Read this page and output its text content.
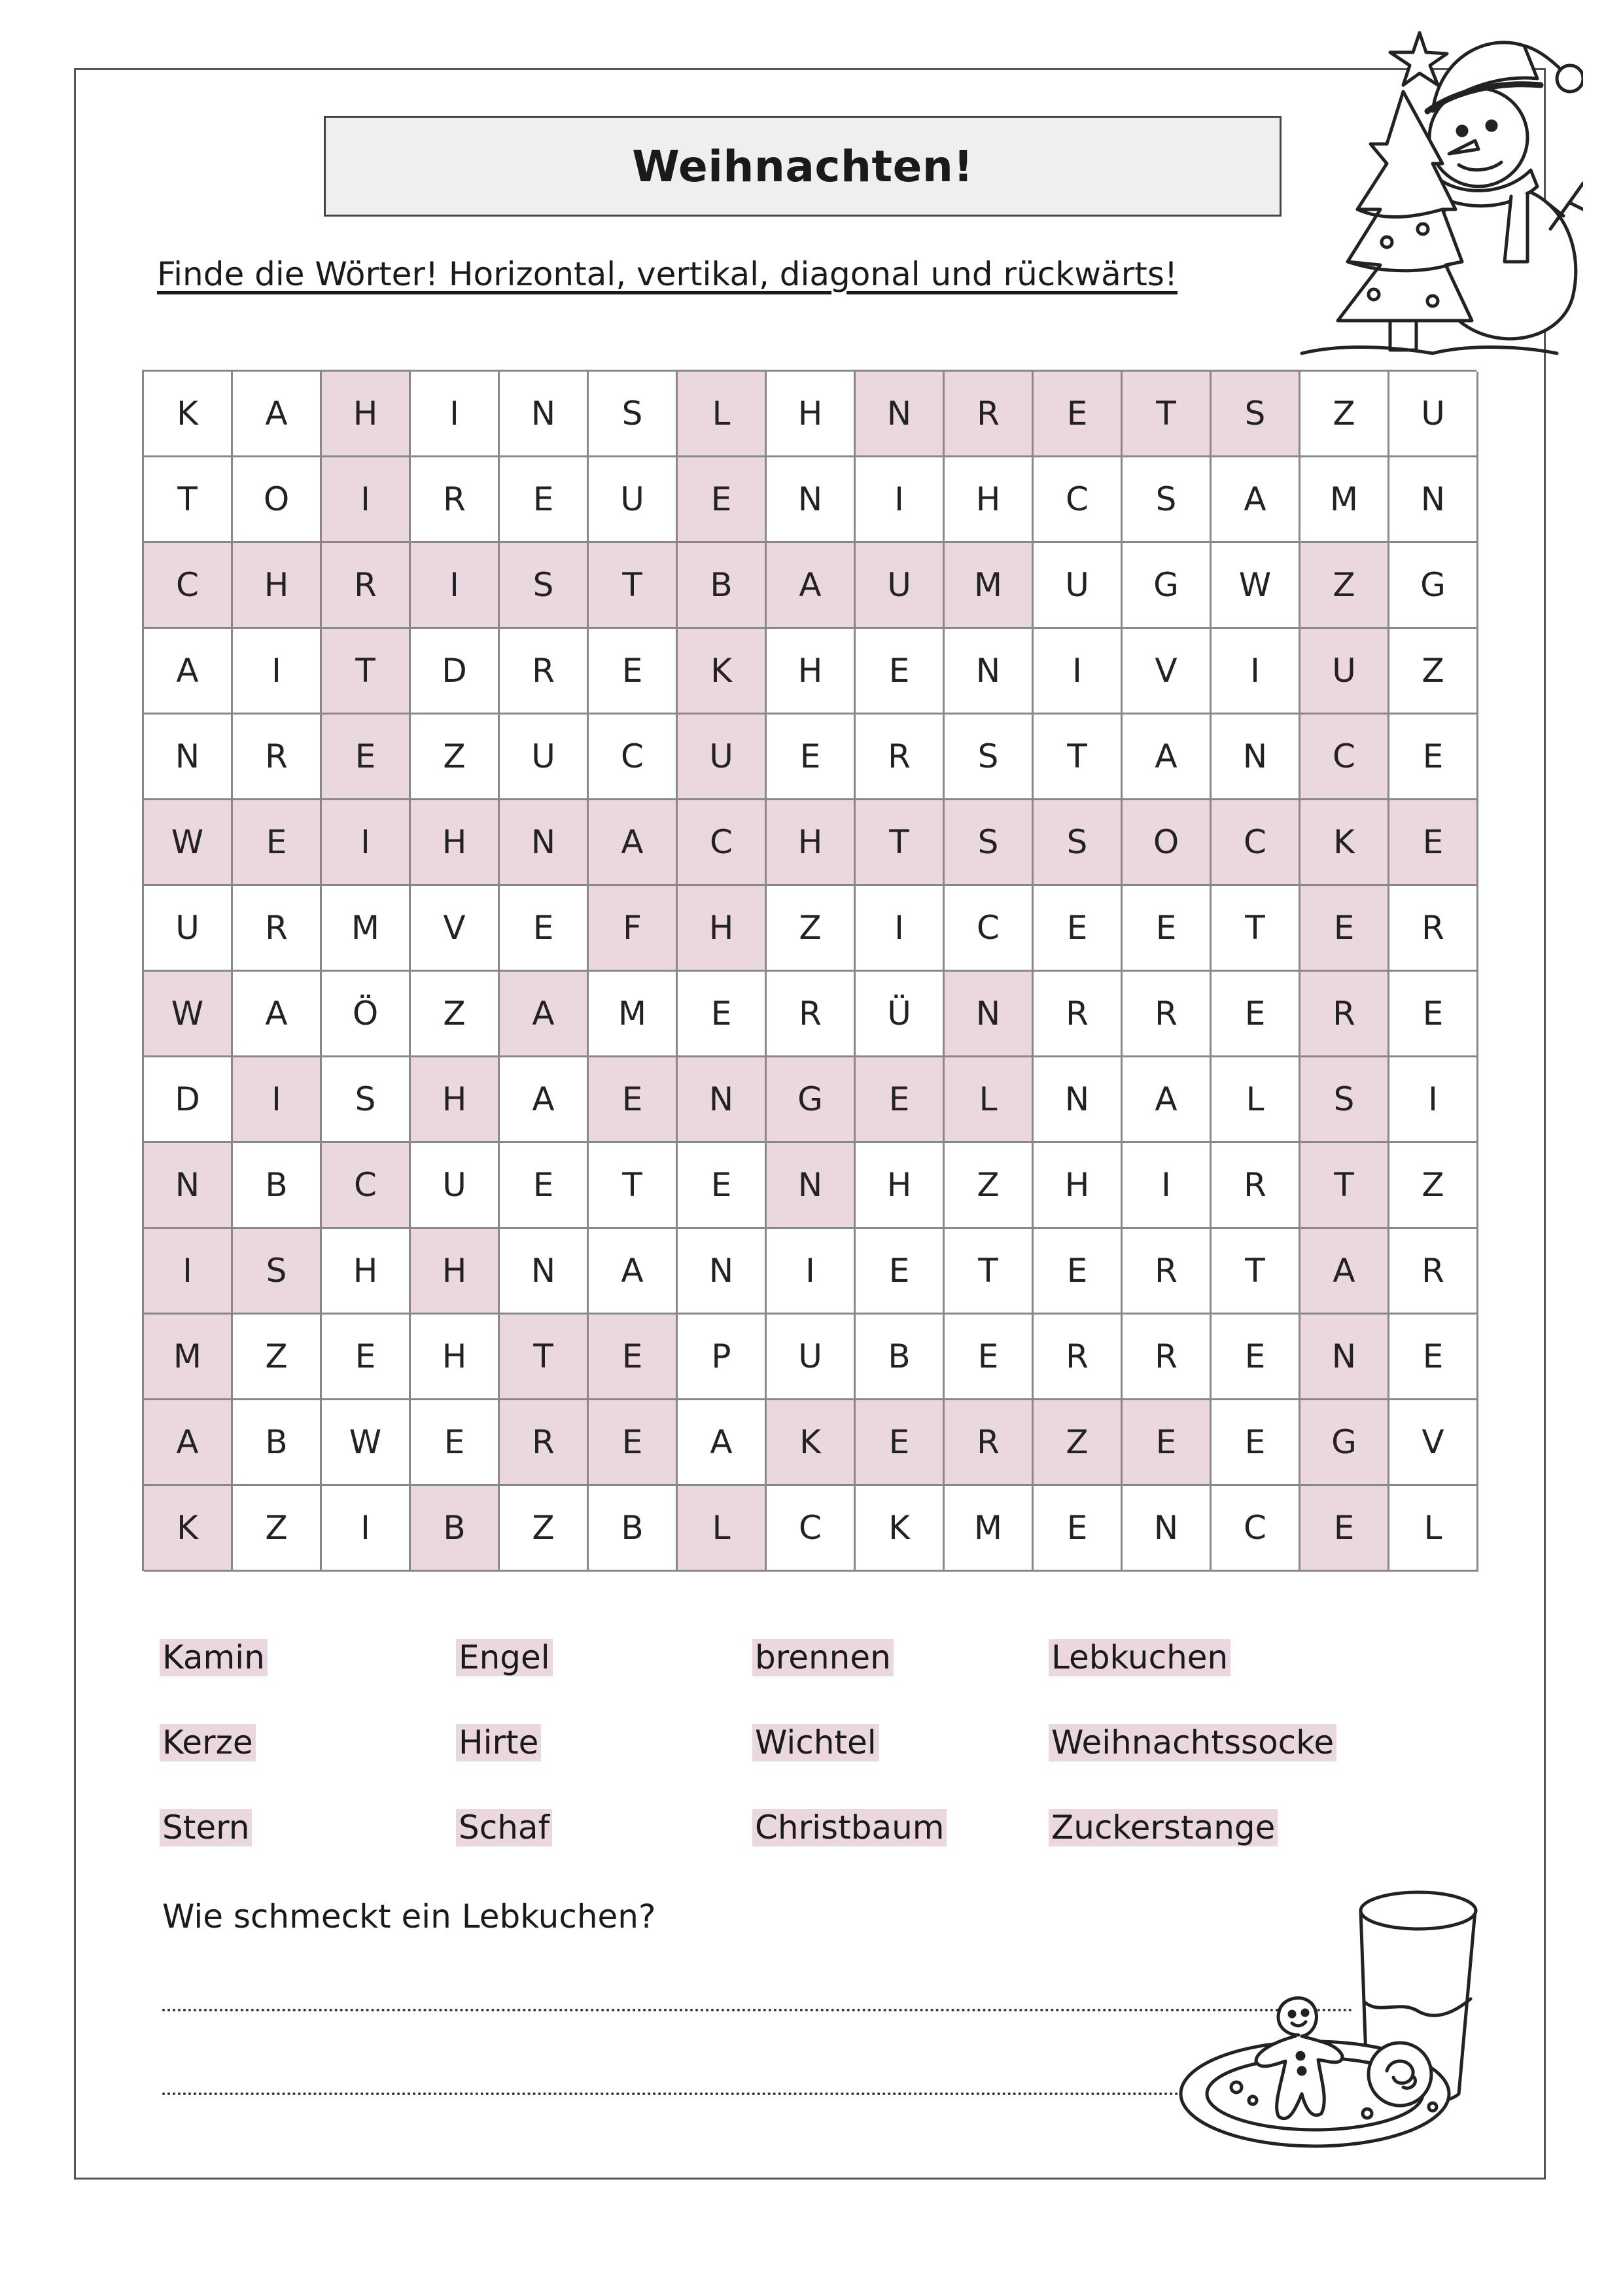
Weihnachten!
Finde die Wörter! Horizontal, vertikal, diagonal und rückwärts!
K	A	H	I	N	S	L	H	N	R	E	T	S	Z	U
T	O	I	R	E	U	E	N	I	H	C	S	A	M	N
C	H	R	I	S	T	B	A	U	M	U	G	W	Z	G
A	I	T	D	R	E	K	H	E	N	I	V	I	U	Z
N	R	E	Z	U	C	U	E	R	S	T	A	N	C	E
W	E	I	H	N	A	C	H	T	S	S	O	C	K	E
U	R	M	V	E	F	H	Z	I	C	E	E	T	E	R
W	A	Ö	Z	A	M	E	R	Ü	N	R	R	E	R	E
D	I	S	H	A	E	N	G	E	L	N	A	L	S	I
N	B	C	U	E	T	E	N	H	Z	H	I	R	T	Z
I	S	H	H	N	A	N	I	E	T	E	R	T	A	R
M	Z	E	H	T	E	P	U	B	E	R	R	E	N	E
A	B	W	E	R	E	A	K	E	R	Z	E	E	G	V
K	Z	I	B	Z	B	L	C	K	M	E	N	C	E	L
Kamin	Engel	brennen	Lebkuchen
Kerze	Hirte	Wichtel	Weihnachtssocke
Stern	Schaf	Christbaum	Zuckerstange
Wie schmeckt ein Lebkuchen?
